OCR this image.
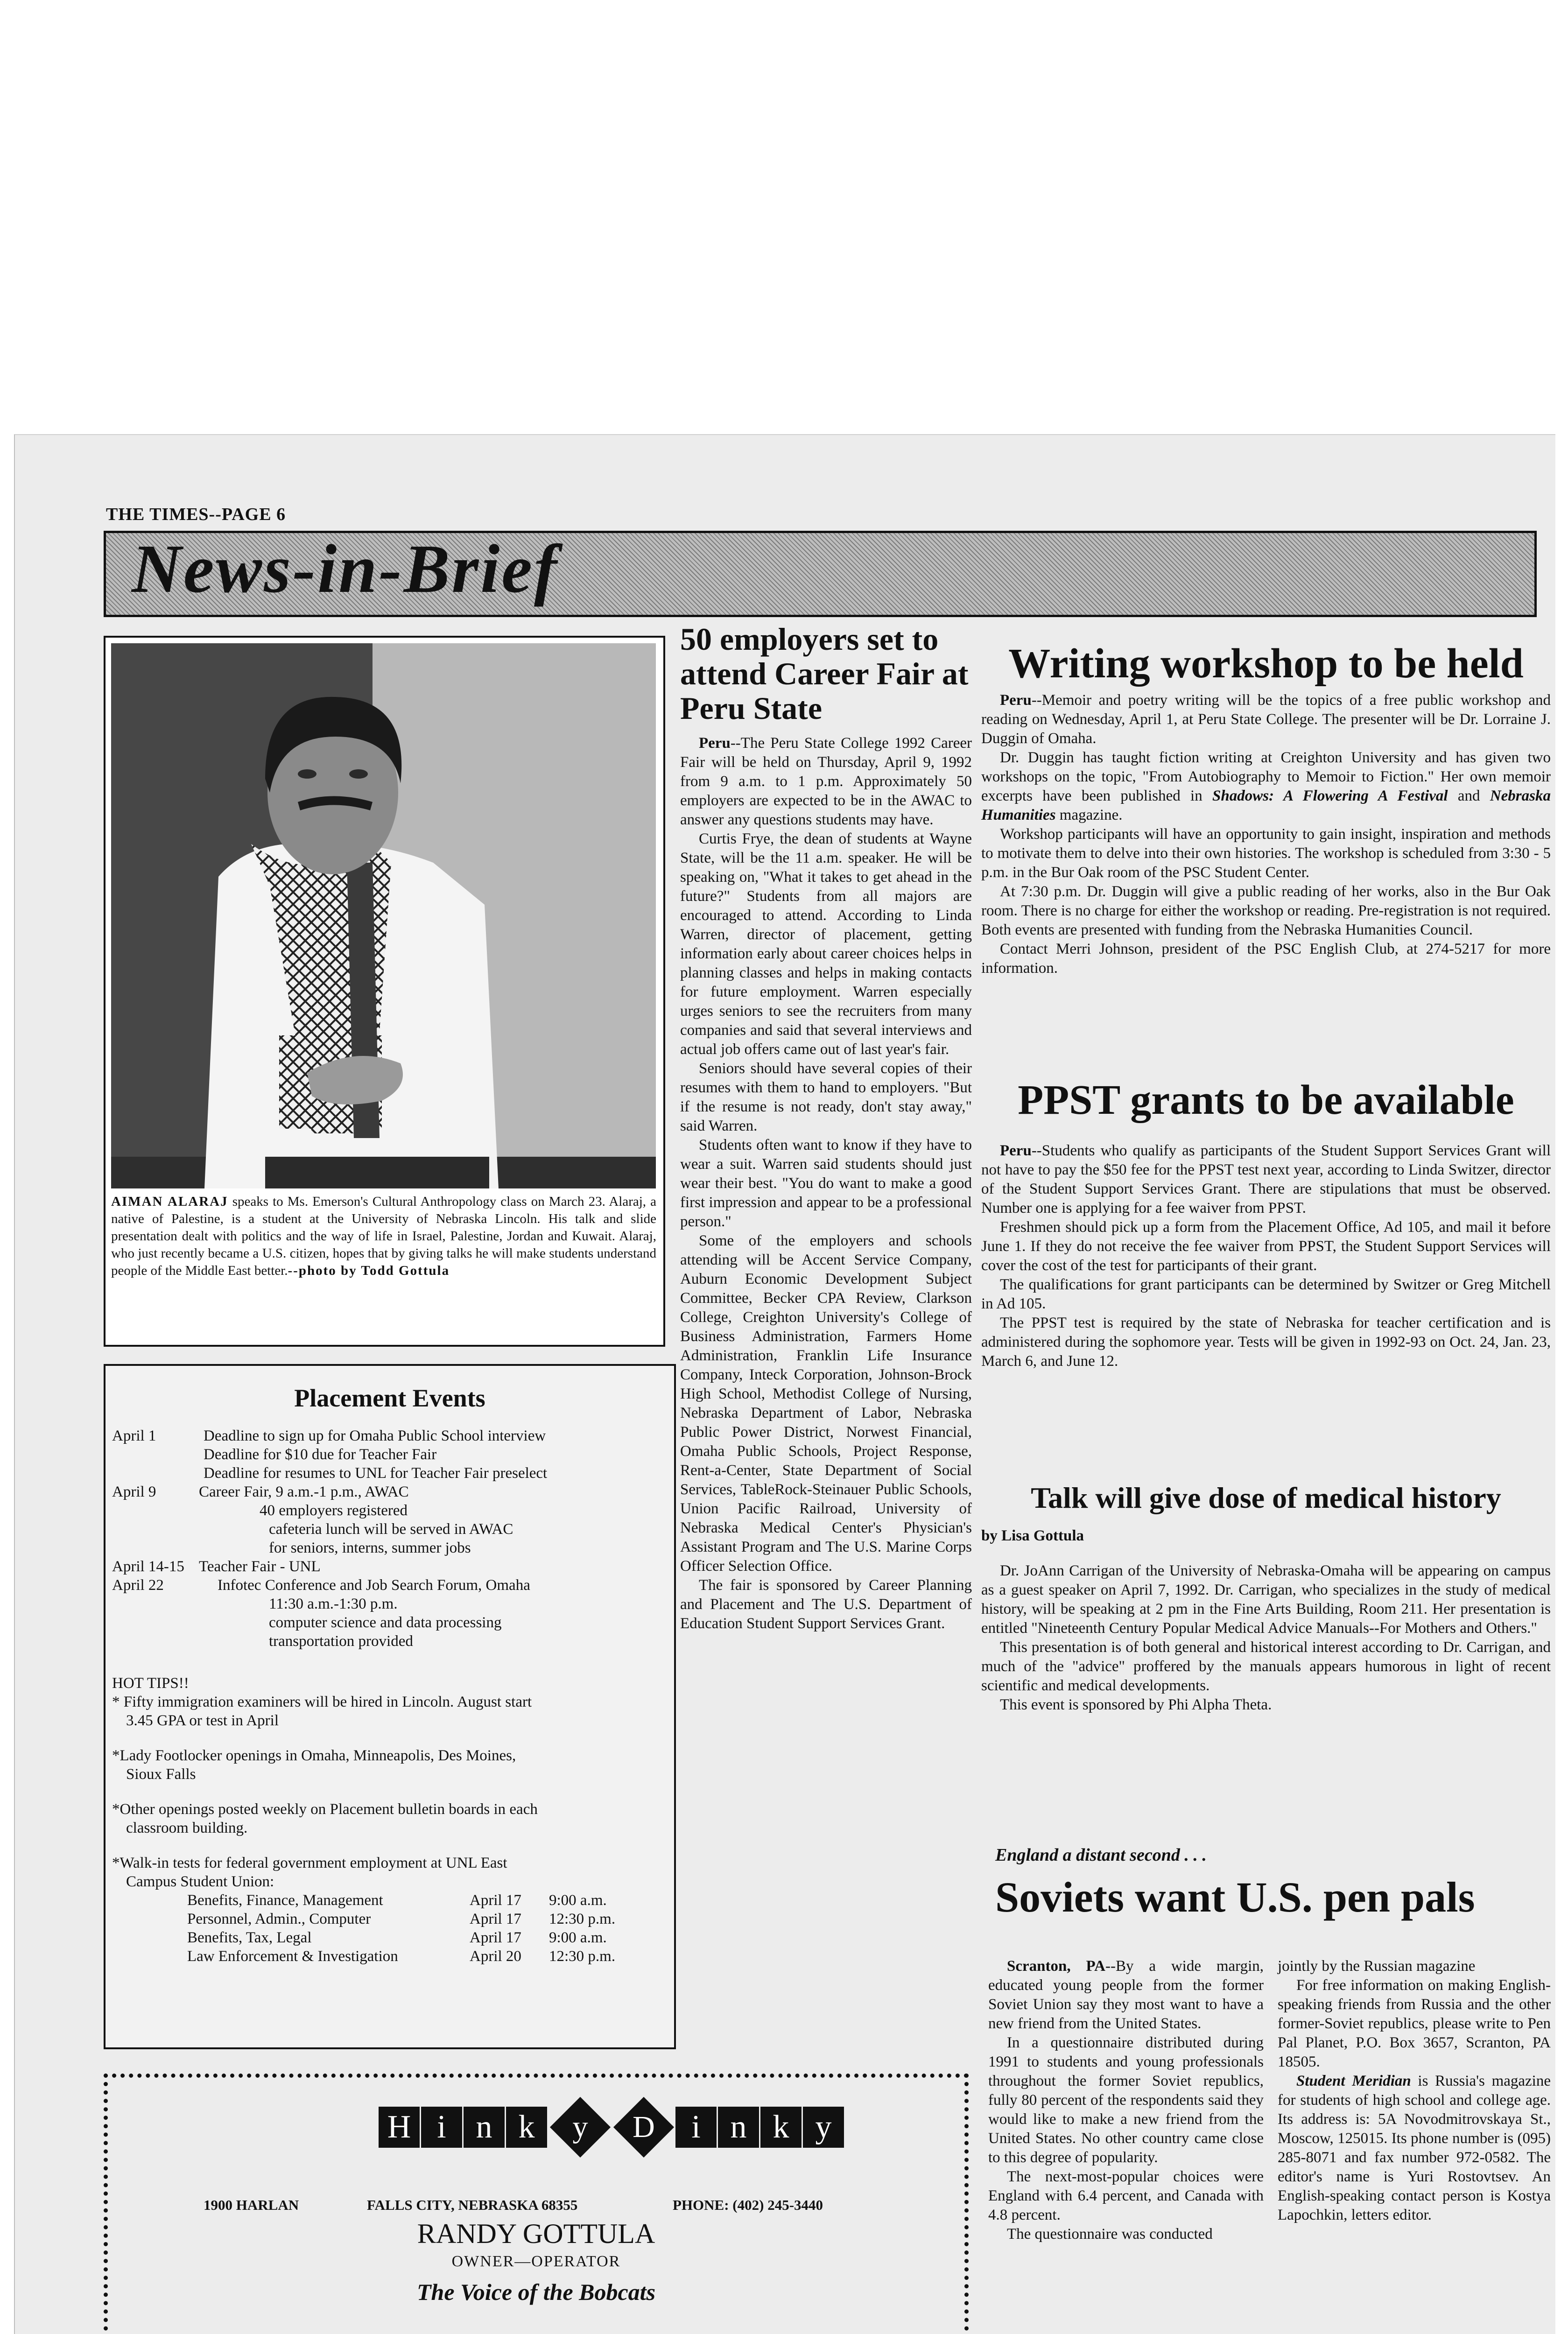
THE TIMES--PAGE 6
News-in-Brief
AIMAN ALARAJ speaks to Ms. Emerson's Cultural Anthropology class on March 23. Alaraj, a native of Palestine, is a student at the University of Nebraska Lincoln. His talk and slide presentation dealt with politics and the way of life in Israel, Palestine, Jordan and Kuwait. Alaraj, who just recently became a U.S. citizen, hopes that by giving talks he will make students understand people of the Middle East better.--photo by Todd Gottula
Placement Events
April 1	Deadline to sign up for Omaha Public School interview
Deadline for $10 due for Teacher Fair
Deadline for resumes to UNL for Teacher Fair preselect
April 9	Career Fair, 9 a.m.-1 p.m., AWAC
40 employers registered
cafeteria lunch will be served in AWAC
for seniors, interns, summer jobs
April 14-15 Teacher Fair - UNL
April 22	Infotec Conference and Job Search Forum, Omaha
11:30 a.m.-1:30 p.m.
computer science and data processing
transportation provided
HOT TIPS!!
* Fifty immigration examiners will be hired in Lincoln. August start
3.45 GPA or test in April
*Lady Footlocker openings in Omaha, Minneapolis, Des Moines,
Sioux Falls
*Other openings posted weekly on Placement bulletin boards in each
classroom building.
*Walk-in tests for federal government employment at UNL East
Campus Student Union:
Benefits, Finance, Management	April 17 9:00 a.m.
Personnel, Admin., Computer	April 17 12:30 p.m.
Benefits, Tax, Legal	April 17 9:00 a.m.
Law Enforcement & Investigation	April 20 12:30 p.m.
H i n k	y	D	i n k y
1900 HARLAN	FALLS CITY, NEBRASKA 68355	PHONE: (402) 245-3440
RANDY GOTTULA
OWNER—OPERATOR
The Voice of the Bobcats
50 employers set to attend Career Fair at Peru State

Peru--The Peru State College 1992 Career Fair will be held on Thursday, April 9, 1992 from 9 a.m. to 1 p.m. Approximately 50 employers are expected to be in the AWAC to answer any questions students may have.

Curtis Frye, the dean of students at Wayne State, will be the 11 a.m. speaker. He will be speaking on, "What it takes to get ahead in the future?" Students from all majors are encouraged to attend. According to Linda Warren, director of placement, getting information early about career choices helps in planning classes and helps in making contacts for future employment. Warren especially urges seniors to see the recruiters from many companies and said that several interviews and actual job offers came out of last year's fair.

Seniors should have several copies of their resumes with them to hand to employers. "But if the resume is not ready, don't stay away," said Warren.

Students often want to know if they have to wear a suit. Warren said students should just wear their best. "You do want to make a good first impression and appear to be a professional person."

Some of the employers and schools attending will be Accent Service Company, Auburn Economic Development Subject Committee, Becker CPA Review, Clarkson College, Creighton University's College of Business Administration, Farmers Home Administration, Franklin Life Insurance Company, Inteck Corporation, Johnson-Brock High School, Methodist College of Nursing, Nebraska Department of Labor, Nebraska Public Power District, Norwest Financial, Omaha Public Schools, Project Response, Rent-a-Center, State Department of Social Services, TableRock-Steinauer Public Schools, Union Pacific Railroad, University of Nebraska Medical Center's Physician's Assistant Program and The U.S. Marine Corps Officer Selection Office.

The fair is sponsored by Career Planning and Placement and The U.S. Department of Education Student Support Services Grant.

Writing workshop to be held

Peru--Memoir and poetry writing will be the topics of a free public workshop and reading on Wednesday, April 1, at Peru State College. The presenter will be Dr. Lorraine J. Duggin of Omaha.

Dr. Duggin has taught fiction writing at Creighton University and has given two workshops on the topic, "From Autobiography to Memoir to Fiction." Her own memoir excerpts have been published in Shadows: A Flowering A Festival and Nebraska Humanities magazine.

Workshop participants will have an opportunity to gain insight, inspiration and methods to motivate them to delve into their own histories. The workshop is scheduled from 3:30 - 5 p.m. in the Bur Oak room of the PSC Student Center.

At 7:30 p.m. Dr. Duggin will give a public reading of her works, also in the Bur Oak room. There is no charge for either the workshop or reading. Pre-registration is not required. Both events are presented with funding from the Nebraska Humanities Council.

Contact Merri Johnson, president of the PSC English Club, at 274-5217 for more information.

PPST grants to be available

Peru--Students who qualify as participants of the Student Support Services Grant will not have to pay the $50 fee for the PPST test next year, according to Linda Switzer, director of the Student Support Services Grant. There are stipulations that must be observed. Number one is applying for a fee waiver from PPST.

Freshmen should pick up a form from the Placement Office, Ad 105, and mail it before June 1. If they do not receive the fee waiver from PPST, the Student Support Services will cover the cost of the test for participants of their grant.

The qualifications for grant participants can be determined by Switzer or Greg Mitchell in Ad 105.

The PPST test is required by the state of Nebraska for teacher certification and is administered during the sophomore year. Tests will be given in 1992-93 on Oct. 24, Jan. 23, March 6, and June 12.

Talk will give dose of medical history
by Lisa Gottula

Dr. JoAnn Carrigan of the University of Nebraska-Omaha will be appearing on campus as a guest speaker on April 7, 1992. Dr. Carrigan, who specializes in the study of medical history, will be speaking at 2 pm in the Fine Arts Building, Room 211. Her presentation is entitled "Nineteenth Century Popular Medical Advice Manuals--For Mothers and Others."

This presentation is of both general and historical interest according to Dr. Carrigan, and much of the "advice" proffered by the manuals appears humorous in light of recent scientific and medical developments.

This event is sponsored by Phi Alpha Theta.

England a distant second . . .
Soviets want U.S. pen pals

Scranton, PA--By a wide margin, educated young people from the former Soviet Union say they most want to have a new friend from the United States.

In a questionnaire distributed during 1991 to students and young professionals throughout the former Soviet republics, fully 80 percent of the respondents said they would like to make a new friend from the United States. No other country came close to this degree of popularity.

The next-most-popular choices were England with 6.4 percent, and Canada with 4.8 percent.

The questionnaire was conducted

jointly by the Russian magazine

For free information on making English-speaking friends from Russia and the other former-Soviet republics, please write to Pen Pal Planet, P.O. Box 3657, Scranton, PA 18505.

Student Meridian is Russia's magazine for students of high school and college age. Its address is: 5A Novodmitrovskaya St., Moscow, 125015. Its phone number is (095) 285-8071 and fax number 972-0582. The editor's name is Yuri Rostovtsev. An English-speaking contact person is Kostya Lapochkin, letters editor.
